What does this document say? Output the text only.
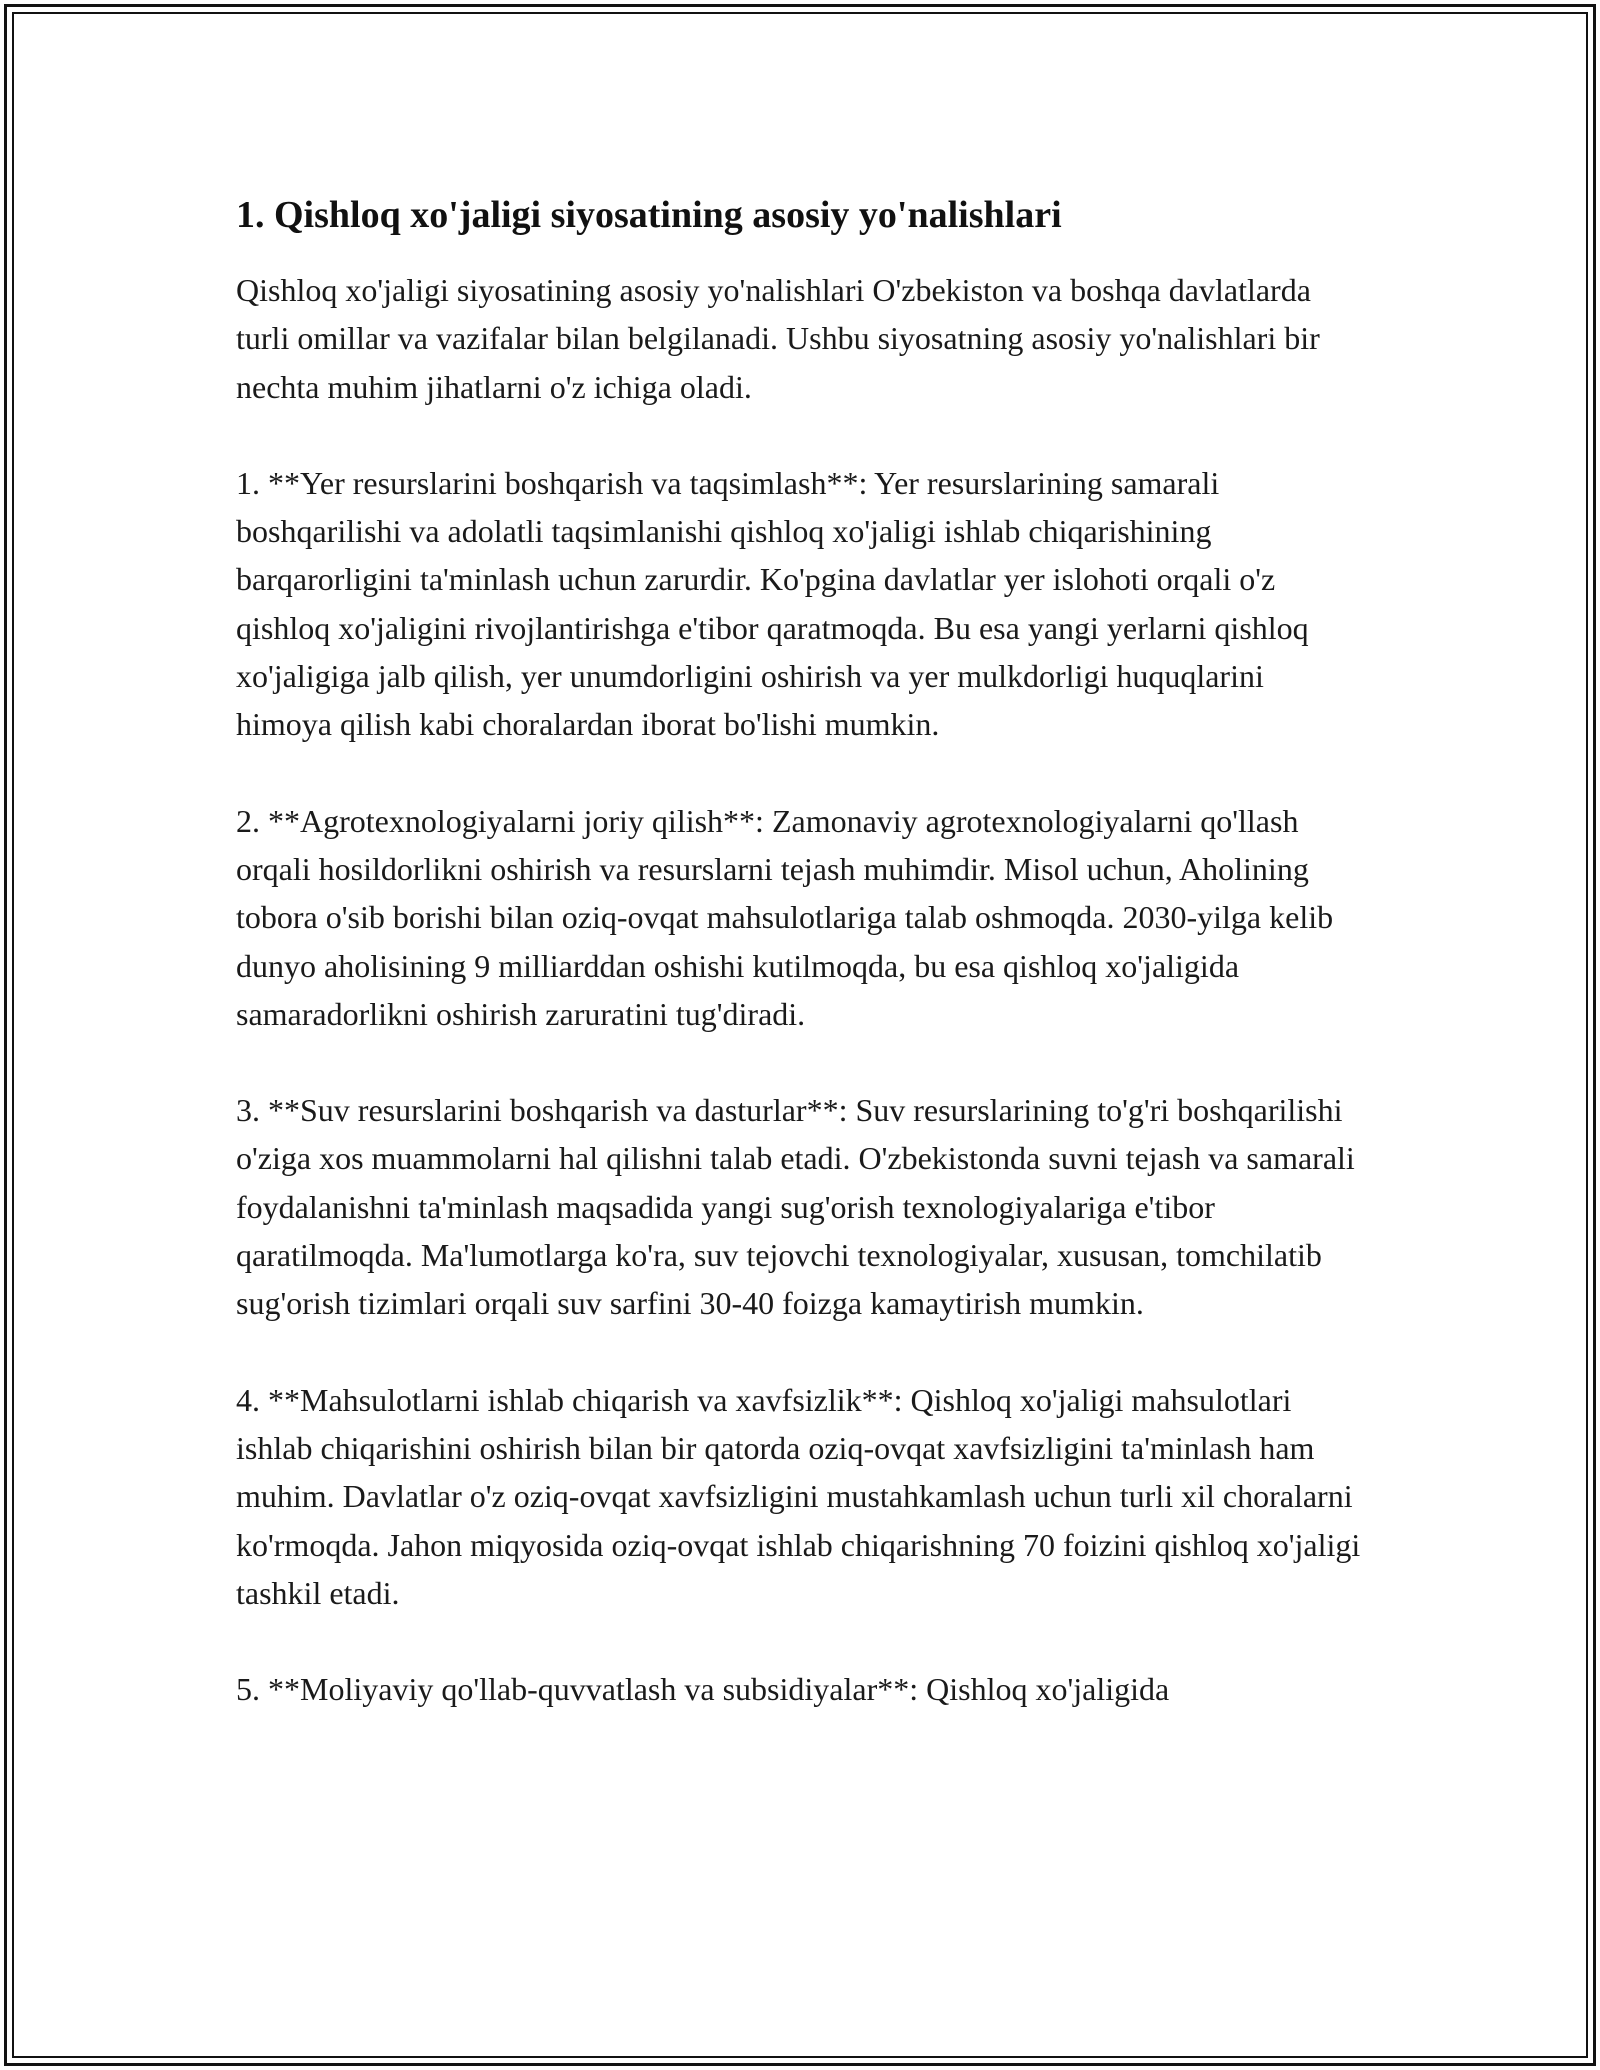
1. Qishloq xo'jaligi siyosatining asosiy yo'nalishlari

Qishloq xo'jaligi siyosatining asosiy yo'nalishlari O'zbekiston va boshqa davlatlarda turli omillar va vazifalar bilan belgilanadi. Ushbu siyosatning asosiy yo'nalishlari bir nechta muhim jihatlarni o'z ichiga oladi.

1. **Yer resurslarini boshqarish va taqsimlash**: Yer resurslarining samarali boshqarilishi va adolatli taqsimlanishi qishloq xo'jaligi ishlab chiqarishining barqarorligini ta'minlash uchun zarurdir. Ko'pgina davlatlar yer islohoti orqali o'z qishloq xo'jaligini rivojlantirishga e'tibor qaratmoqda. Bu esa yangi yerlarni qishloq xo'jaligiga jalb qilish, yer unumdorligini oshirish va yer mulkdorligi huquqlarini himoya qilish kabi choralardan iborat bo'lishi mumkin.

2. **Agrotexnologiyalarni joriy qilish**: Zamonaviy agrotexnologiyalarni qo'llash orqali hosildorlikni oshirish va resurslarni tejash muhimdir. Misol uchun, Aholining tobora o'sib borishi bilan oziq-ovqat mahsulotlariga talab oshmoqda. 2030-yilga kelib dunyo aholisining 9 milliarddan oshishi kutilmoqda, bu esa qishloq xo'jaligida samaradorlikni oshirish zaruratini tug'diradi.

3. **Suv resurslarini boshqarish va dasturlar**: Suv resurslarining to'g'ri boshqarilishi o'ziga xos muammolarni hal qilishni talab etadi. O'zbekistonda suvni tejash va samarali foydalanishni ta'minlash maqsadida yangi sug'orish texnologiyalariga e'tibor qaratilmoqda. Ma'lumotlarga ko'ra, suv tejovchi texnologiyalar, xususan, tomchilatib sug'orish tizimlari orqali suv sarfini 30-40 foizga kamaytirish mumkin.

4. **Mahsulotlarni ishlab chiqarish va xavfsizlik**: Qishloq xo'jaligi mahsulotlari ishlab chiqarishini oshirish bilan bir qatorda oziq-ovqat xavfsizligini ta'minlash ham muhim. Davlatlar o'z oziq-ovqat xavfsizligini mustahkamlash uchun turli xil choralarni ko'rmoqda. Jahon miqyosida oziq-ovqat ishlab chiqarishning 70 foizini qishloq xo'jaligi tashkil etadi.

5. **Moliyaviy qo'llab-quvvatlash va subsidiyalar**: Qishloq xo'jaligida
